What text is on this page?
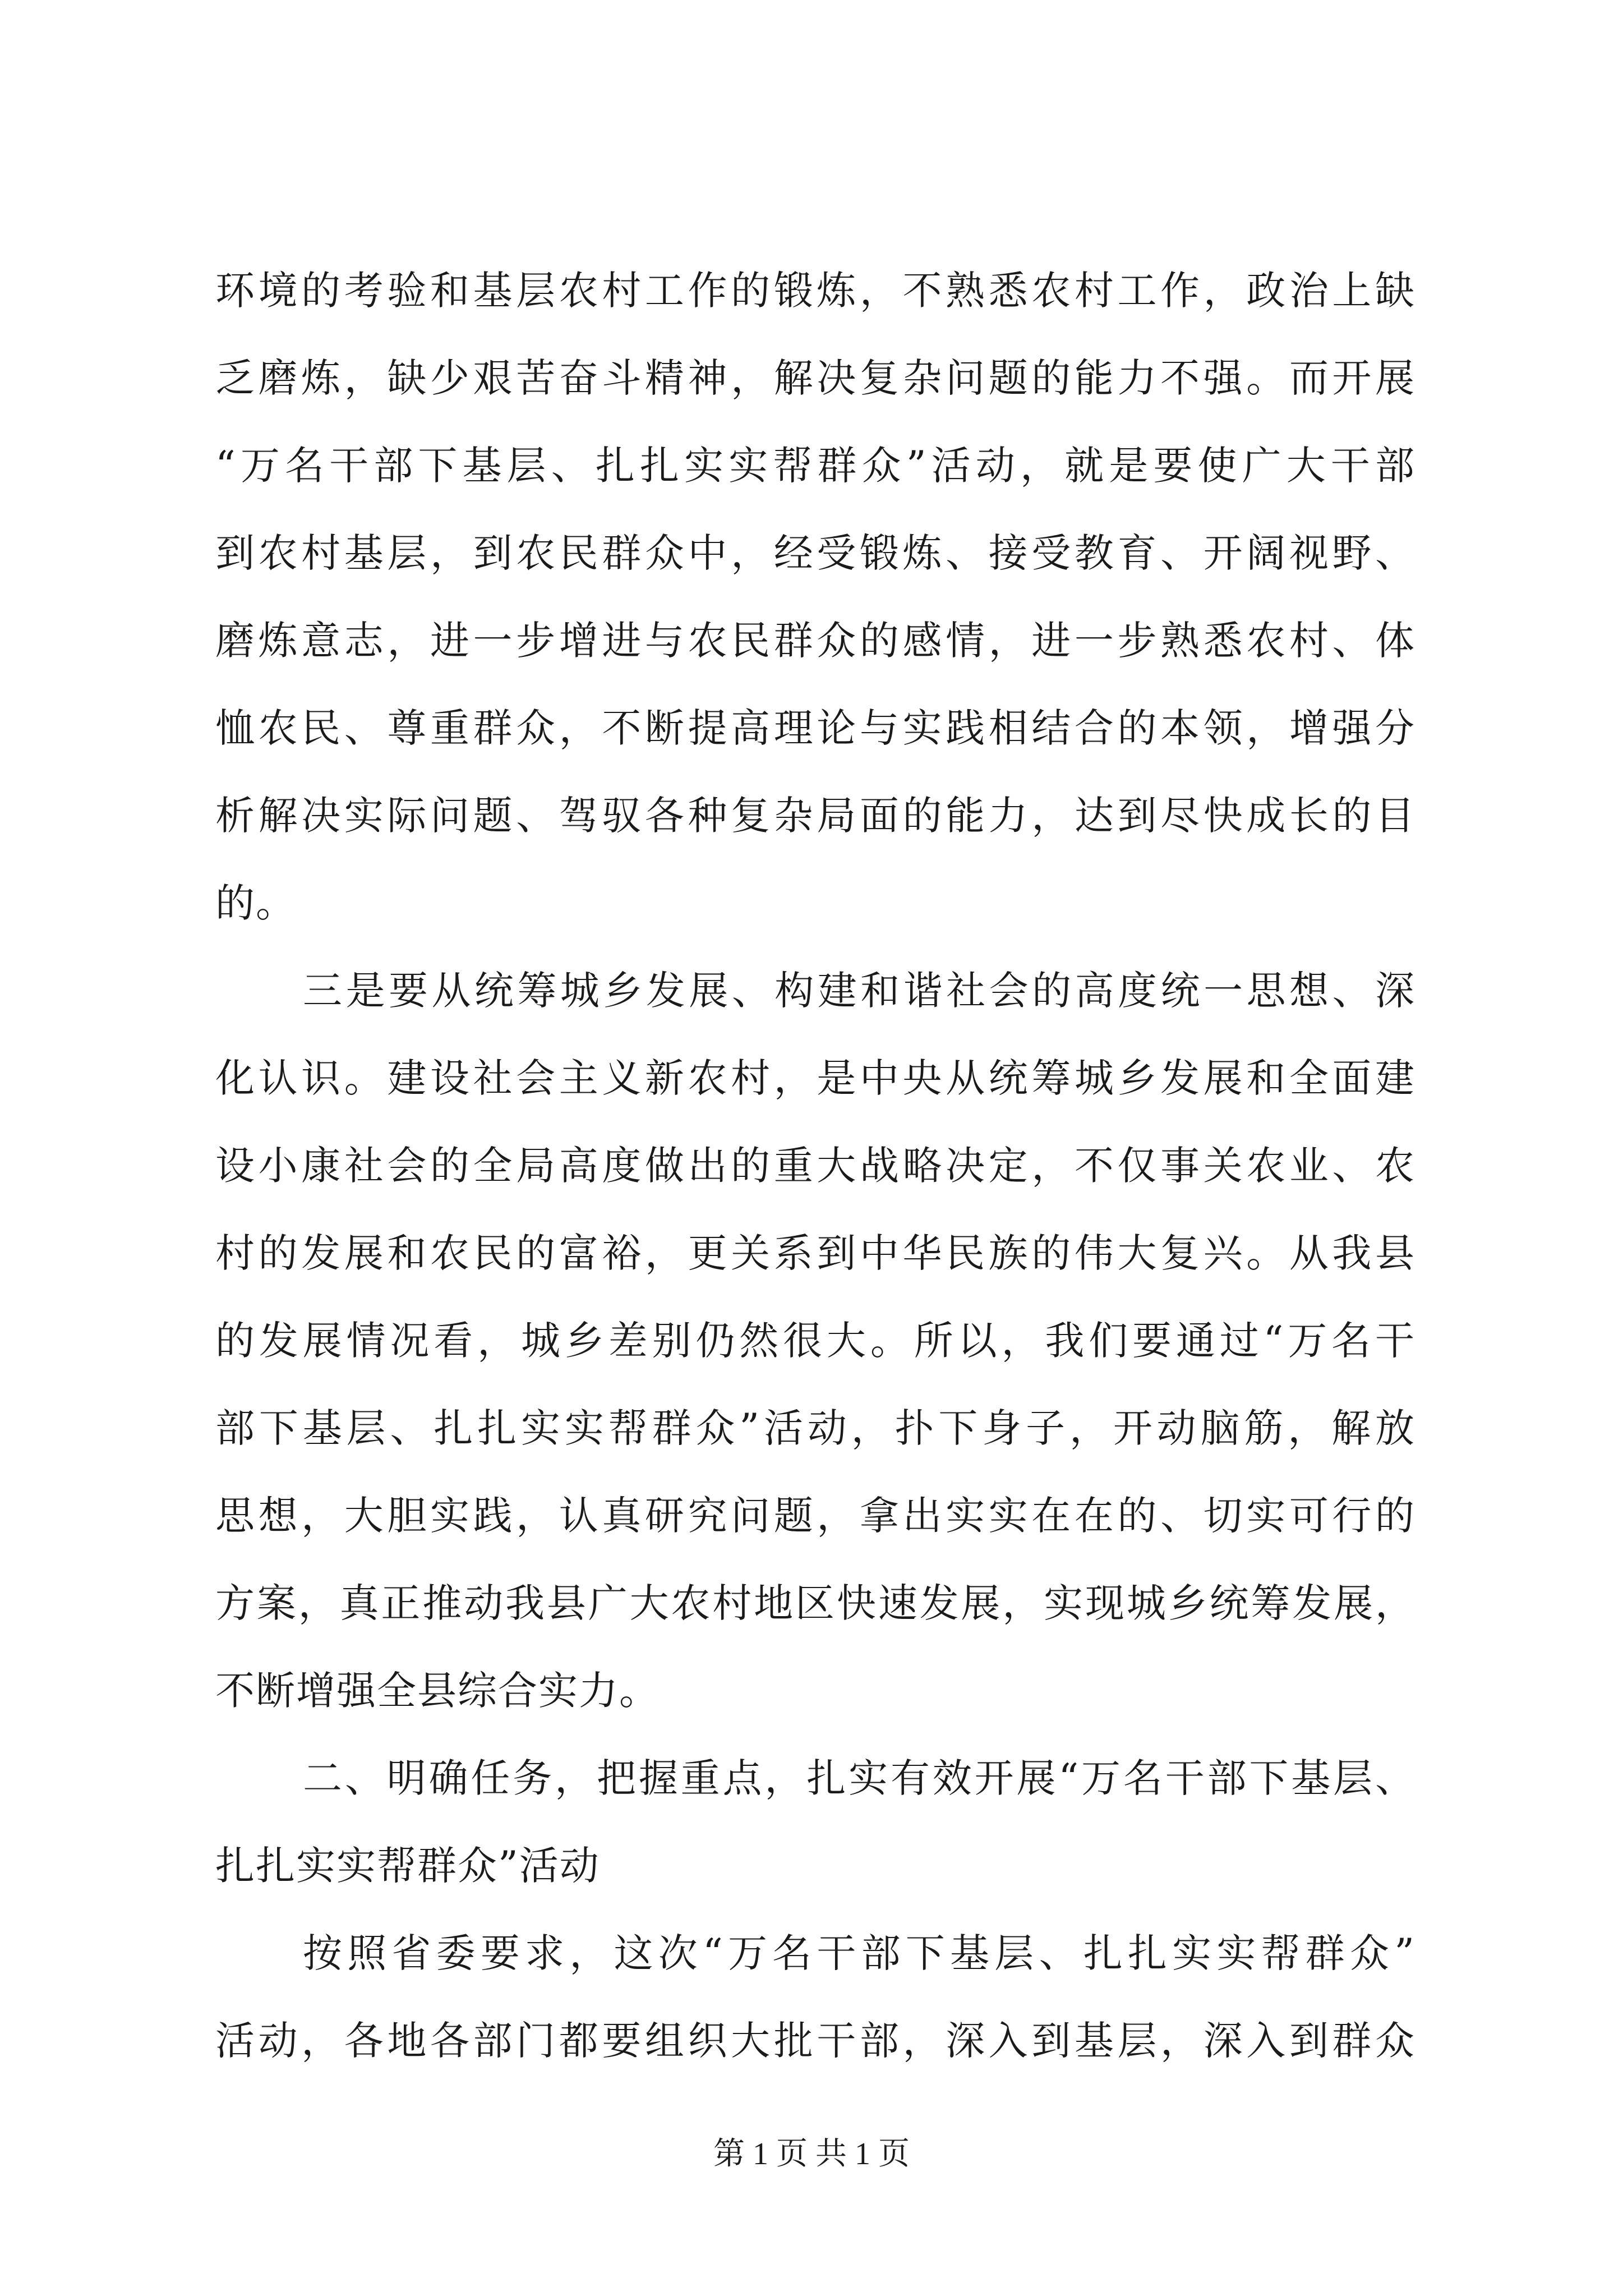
环境的考验和基层农村工作的锻炼，不熟悉农村工作，政治上缺
乏磨炼，缺少艰苦奋斗精神，解决复杂问题的能力不强。而开展
“万名干部下基层、扎扎实实帮群众”活动，就是要使广大干部
到农村基层，到农民群众中，经受锻炼、接受教育、开阔视野、
磨炼意志，进一步增进与农民群众的感情，进一步熟悉农村、体
恤农民、尊重群众，不断提高理论与实践相结合的本领，增强分
析解决实际问题、驾驭各种复杂局面的能力，达到尽快成长的目
的。
三是要从统筹城乡发展、构建和谐社会的高度统一思想、深
化认识。建设社会主义新农村，是中央从统筹城乡发展和全面建
设小康社会的全局高度做出的重大战略决定，不仅事关农业、农
村的发展和农民的富裕，更关系到中华民族的伟大复兴。从我县
的发展情况看，城乡差别仍然很大。所以，我们要通过“万名干
部下基层、扎扎实实帮群众”活动，扑下身子，开动脑筋，解放
思想，大胆实践，认真研究问题，拿出实实在在的、切实可行的
方案，真正推动我县广大农村地区快速发展，实现城乡统筹发展，
不断增强全县综合实力。
二、明确任务，把握重点，扎实有效开展“万名干部下基层、
扎扎实实帮群众”活动
按照省委要求，这次“万名干部下基层、扎扎实实帮群众”
活动，各地各部门都要组织大批干部，深入到基层，深入到群众
第 1 页 共 1 页
